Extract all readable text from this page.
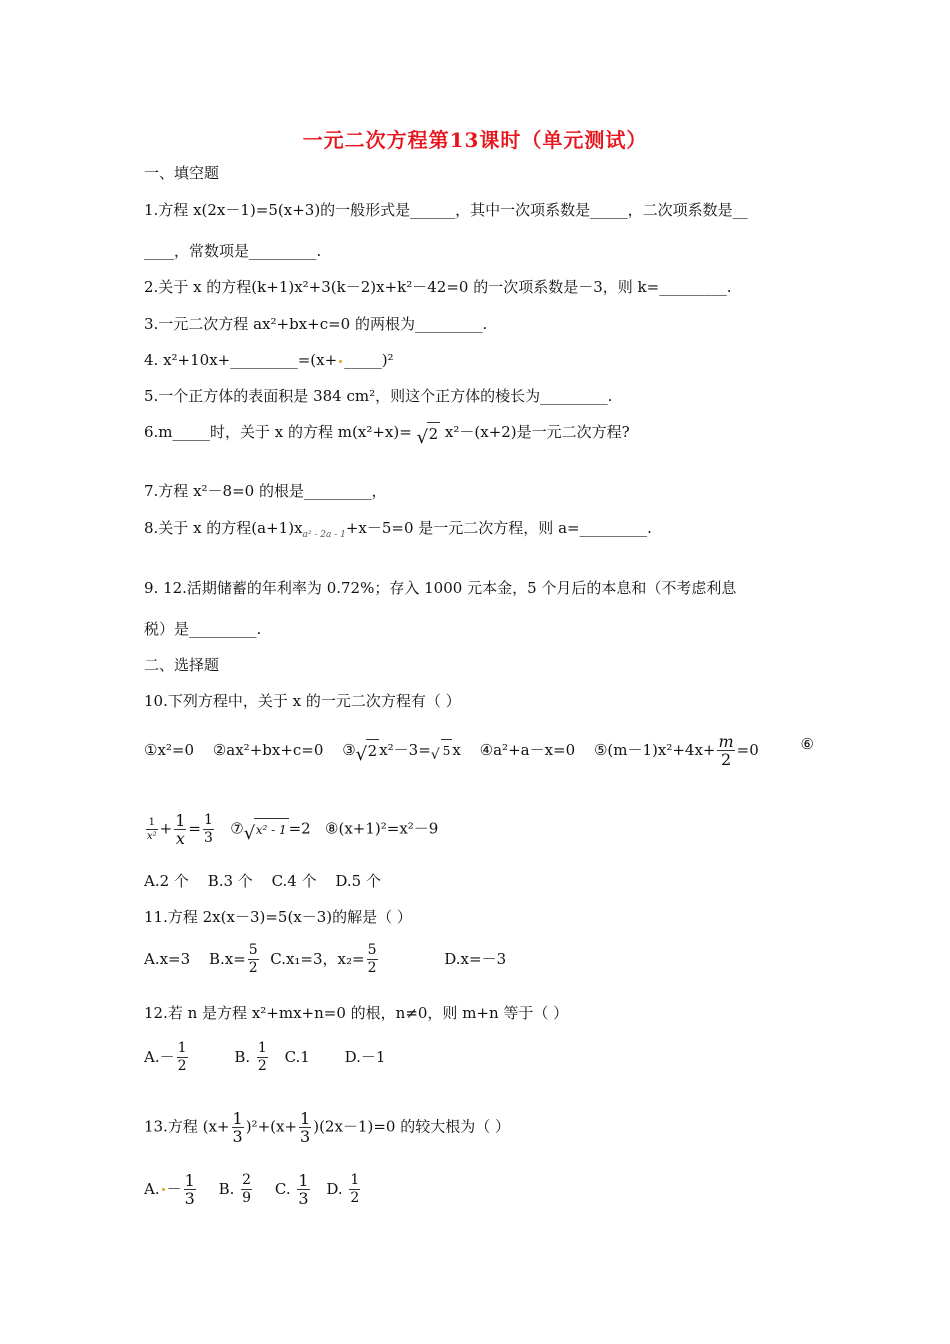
一元二次方程第13课时（单元测试）
一、填空题
1.方程 x(2x－1)=5(x+3)的一般形式是______，其中一次项系数是_____，二次项系数是__
____，常数项是_________.
2.关于 x 的方程(k+1)x²+3(k－2)x+k²－42=0 的一次项系数是－3，则 k=_________.
3.一元二次方程 ax²+bx+c=0 的两根为_________.
4. x²+10x+_________=(x+ _____)²
5.一个正方体的表面积是 384 cm²，则这个正方体的棱长为_________.
6.m_____时，关于 x 的方程 m(x²+x)= √ 2 x²－(x+2)是一元二次方程?
7.方程 x²－8=0 的根是_________，
8.关于 x 的方程$(a+1)x_{a^2 - 2a - 1}+x-5=0$ 是一元二次方程，则 a=_________.
9. 12.活期储蓄的年利率为 0.72%；存入 1000 元本金，5 个月后的本息和（不考虑利息
税）是_________.
二、选择题
10.下列方程中，关于 x 的一元二次方程有（ ）
①x²=0 ②ax²+bx+c=0 ③ √ 2 x²－3= √ 5 x ④a²+a－x=0 ⑤(m－1)x²+4x+ $\frac{m}{2} =0$	⑥
$\frac{1}{\text{x²}} + \frac{1}{x} = \frac{1}{3}$ ⑦ √ x² - 1 =2 ⑧(x+1)²=x²－9
A.2 个 B.3 个 C.4 个 D.5 个
11.方程 2x(x－3)=5(x－3)的解是（ ）
A.x=3 $B.x= \frac{5}{2} C.x_1=3$，$x_2= \frac{5}{2}$	D.x=－3
12.若 n 是方程 x²+mx+n=0 的根，n≠0，则 m+n 等于（ ）
$A.- \frac{1}{2}$	B. $\frac{1}{2} C.1$ D.－1
13.方程 $(x+ \frac{1}{3} )^2+(x+ \frac{1}{3} )(2x-1)=0$ 的较大根为（ ）
A. － $\frac{1}{3} B$. $\frac{2}{9} C$. $\frac{1}{3} D$. $\frac{1}{2}$
